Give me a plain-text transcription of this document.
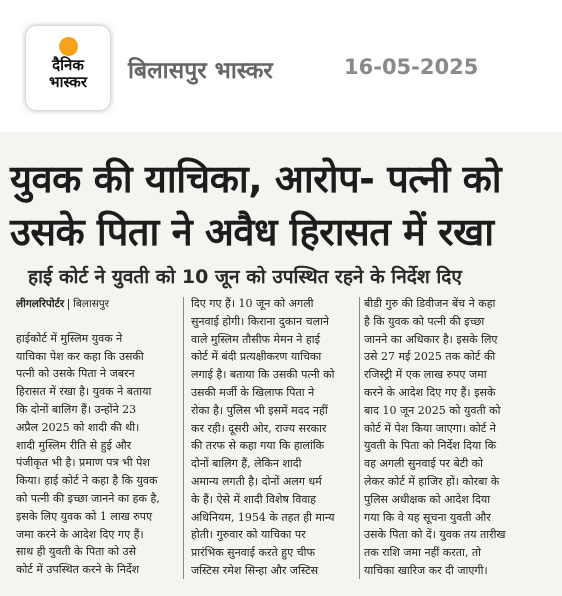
दैनिक
भास्कर	बिलासपुर भास्कर	16-05-2025
युवक की याचिका, आरोप- पत्नी को
उसके पिता ने अवैध हिरासत में रखा
हाई कोर्ट ने युवती को 10 जून को उपस्थित रहने के निर्देश दिए
लीगलरिपोर्टर बिलासपुर
हाईकोर्ट में मुस्लिम युवक ने
याचिका पेश कर कहा कि उसकी
पत्नी को उसके पिता ने जबरन
हिरासत में रखा है। युवक ने बताया
कि दोनों बालिग हैं। उन्होंने 23
अप्रैल 2025 को शादी की थी।
शादी मुस्लिम रीति से हुई और
पंजीकृत भी है। प्रमाण पत्र भी पेश
किया। हाई कोर्ट ने कहा है कि युवक
को पत्नी की इच्छा जानने का हक है,
इसके लिए युवक को 1 लाख रुपए
जमा करने के आदेश दिए गए हैं।
साथ ही युवती के पिता को उसे
कोर्ट में उपस्थित करने के निर्देश
दिए गए हैं। 10 जून को अगली
सुनवाई होगी। किराना दुकान चलाने
वाले मुस्लिम तौसीफ मेमन ने हाई
कोर्ट में बंदी प्रत्यक्षीकरण याचिका
लगाई है। बताया कि उसकी पत्नी को
उसकी मर्जी के खिलाफ पिता ने
रोका है। पुलिस भी इसमें मदद नहीं
कर रही। दूसरी ओर, राज्य सरकार
की तरफ से कहा गया कि हालांकि
दोनों बालिग हैं, लेकिन शादी
अमान्य लगती है। दोनों अलग धर्म
के हैं। ऐसे में शादी विशेष विवाह
अधिनियम, 1954 के तहत ही मान्य
होती। गुरुवार को याचिका पर
प्रारंभिक सुनवाई करते हुए चीफ
जस्टिस रमेश सिन्हा और जस्टिस
बीडी गुरु की डिवीजन बेंच ने कहा
है कि युवक को पत्नी की इच्छा
जानने का अधिकार है। इसके लिए
उसे 27 मई 2025 तक कोर्ट की
रजिस्ट्री में एक लाख रुपए जमा
करने के आदेश दिए गए हैं। इसके
बाद 10 जून 2025 को युवती को
कोर्ट में पेश किया जाएगा। कोर्ट ने
युवती के पिता को निर्देश दिया कि
वह अगली सुनवाई पर बेटी को
लेकर कोर्ट में हाजिर हों। कोरबा के
पुलिस अधीक्षक को आदेश दिया
गया कि वे यह सूचना युवती और
उसके पिता को दें। युवक तय तारीख
तक राशि जमा नहीं करता, तो
याचिका खारिज कर दी जाएगी।
